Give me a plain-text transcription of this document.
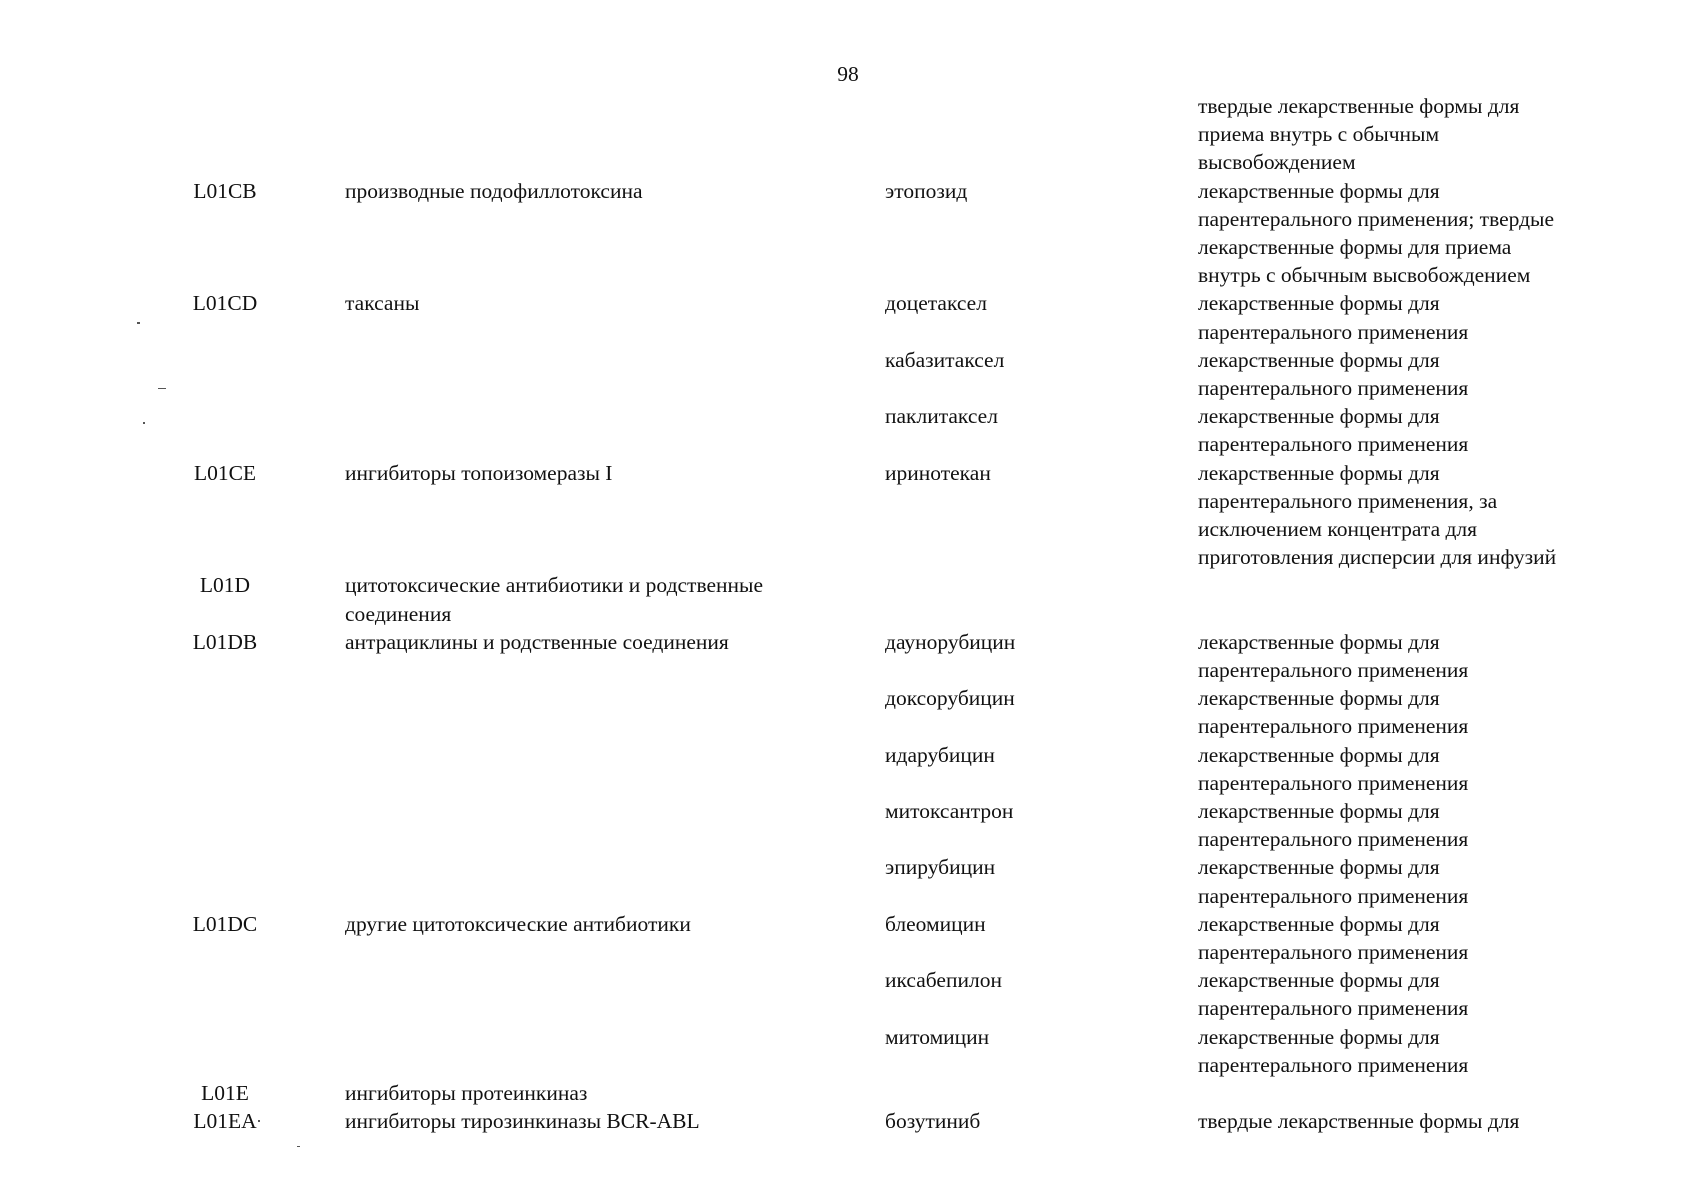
98
твердые лекарственные формы для
приема внутрь с обычным
высвобождением
L01CB	производные подофиллотоксина	этопозид	лекарственные формы для
парентерального применения; твердые
лекарственные формы для приема
внутрь с обычным высвобождением
L01CD	таксаны	доцетаксел	лекарственные формы для
парентерального применения
кабазитаксел	лекарственные формы для
парентерального применения
паклитаксел	лекарственные формы для
парентерального применения
L01CE	ингибиторы топоизомеразы I	иринотекан	лекарственные формы для
парентерального применения, за
исключением концентрата для
приготовления дисперсии для инфузий
L01D	цитотоксические антибиотики и родственные
соединения
L01DB	антрациклины и родственные соединения	даунорубицин	лекарственные формы для
парентерального применения
доксорубицин	лекарственные формы для
парентерального применения
идарубицин	лекарственные формы для
парентерального применения
митоксантрон	лекарственные формы для
парентерального применения
эпирубицин	лекарственные формы для
парентерального применения
L01DC	другие цитотоксические антибиотики	блеомицин	лекарственные формы для
парентерального применения
иксабепилон	лекарственные формы для
парентерального применения
митомицин	лекарственные формы для
парентерального применения
L01E	ингибиторы протеинкиназ
L01EA	ингибиторы тирозинкиназы BCR-ABL	бозутиниб	твердые лекарственные формы для
